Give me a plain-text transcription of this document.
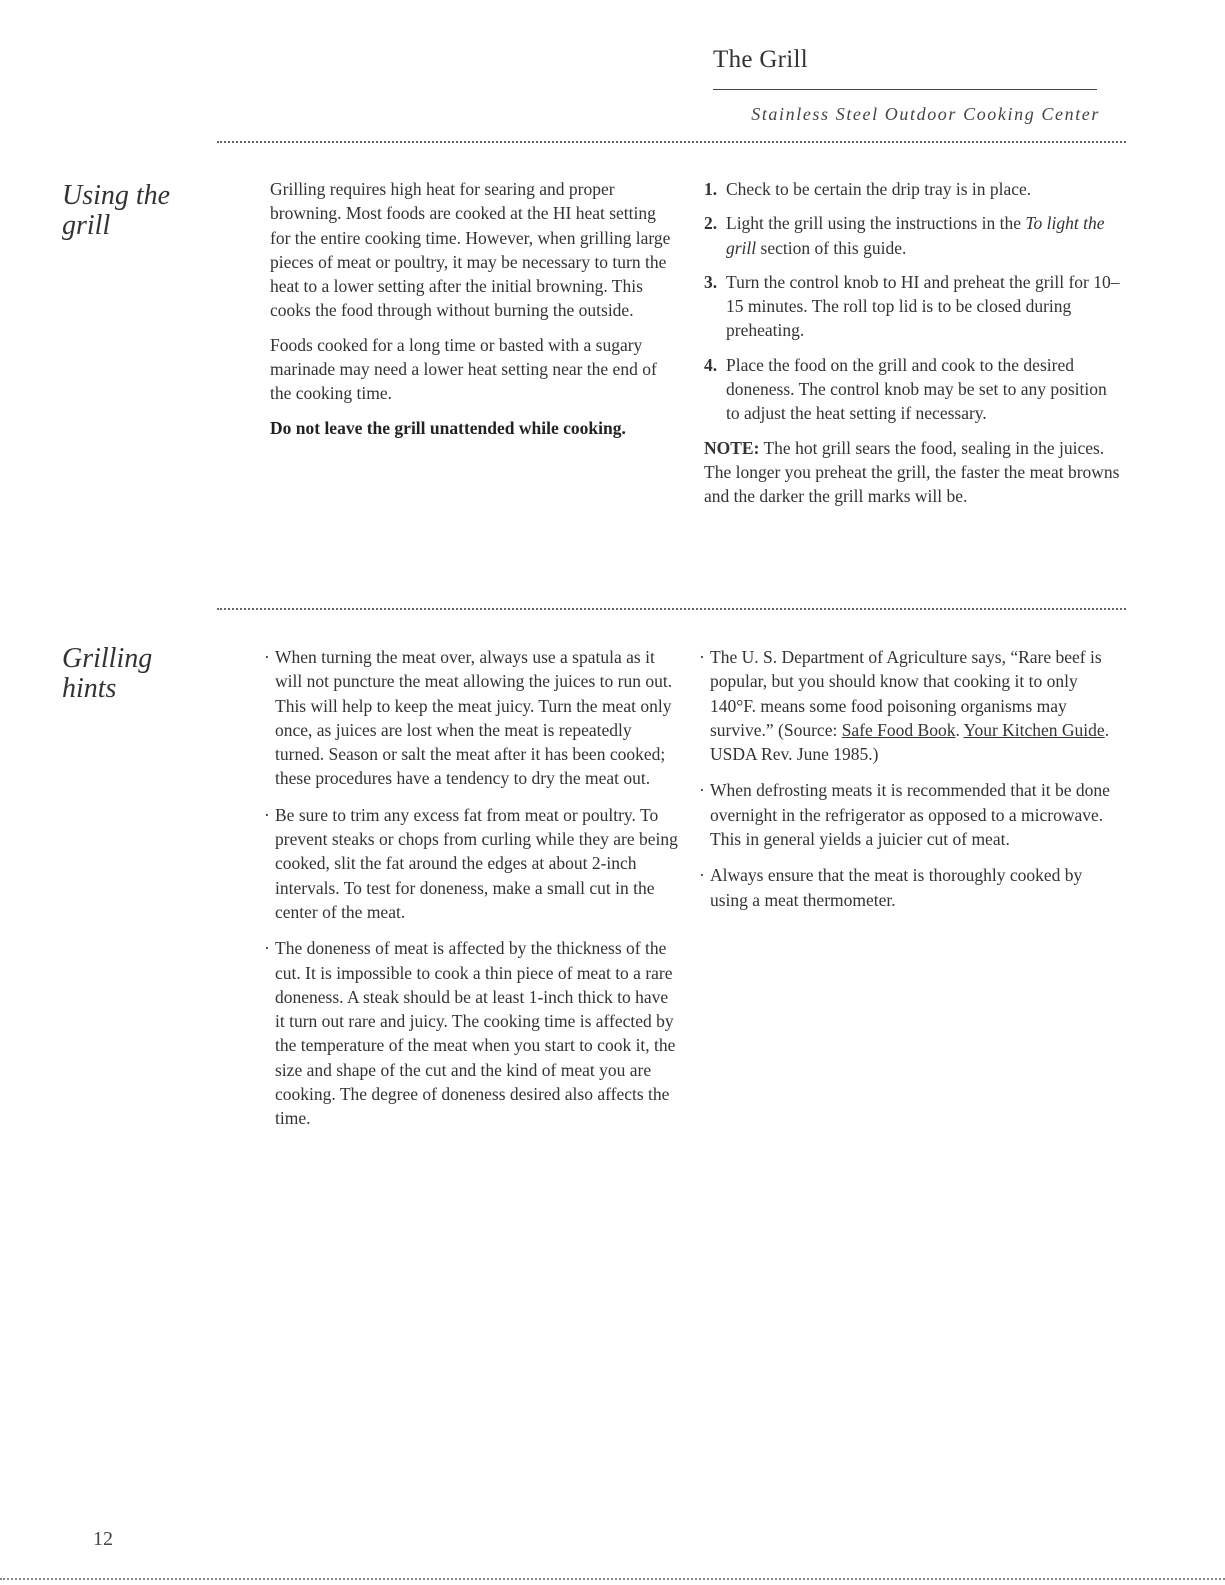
The Grill
Stainless Steel Outdoor Cooking Center
Using the
grill

Grilling requires high heat for searing and proper browning. Most foods are cooked at the HI heat setting for the entire cooking time. However, when grilling large pieces of meat or poultry, it may be necessary to turn the heat to a lower setting after the initial browning. This cooks the food through without burning the outside.

Foods cooked for a long time or basted with a sugary marinade may need a lower heat setting near the end of the cooking time.

Do not leave the grill unattended while cooking.

1. Check to be certain the drip tray is in place.
2. Light the grill using the instructions in the To light the grill section of this guide.
3. Turn the control knob to HI and preheat the grill for 10–15 minutes. The roll top lid is to be closed during preheating.
4. Place the food on the grill and cook to the desired doneness. The control knob may be set to any position to adjust the heat setting if necessary.

NOTE: The hot grill sears the food, sealing in the juices. The longer you preheat the grill, the faster the meat browns and the darker the grill marks will be.

Grilling
hints
· When turning the meat over, always use a spatula as it will not puncture the meat allowing the juices to run out. This will help to keep the meat juicy. Turn the meat only once, as juices are lost when the meat is repeatedly turned. Season or salt the meat after it has been cooked; these procedures have a tendency to dry the meat out.
· Be sure to trim any excess fat from meat or poultry. To prevent steaks or chops from curling while they are being cooked, slit the fat around the edges at about 2-inch intervals. To test for doneness, make a small cut in the center of the meat.
· The doneness of meat is affected by the thickness of the cut. It is impossible to cook a thin piece of meat to a rare doneness. A steak should be at least 1-inch thick to have it turn out rare and juicy. The cooking time is affected by the temperature of the meat when you start to cook it, the size and shape of the cut and the kind of meat you are cooking. The degree of doneness desired also affects the time.
· The U. S. Department of Agriculture says, “Rare beef is popular, but you should know that cooking it to only 140°F. means some food poisoning organisms may survive.” (Source: Safe Food Book. Your Kitchen Guide. USDA Rev. June 1985.)
· When defrosting meats it is recommended that it be done overnight in the refrigerator as opposed to a microwave. This in general yields a juicier cut of meat.
· Always ensure that the meat is thoroughly cooked by using a meat thermometer.
12
